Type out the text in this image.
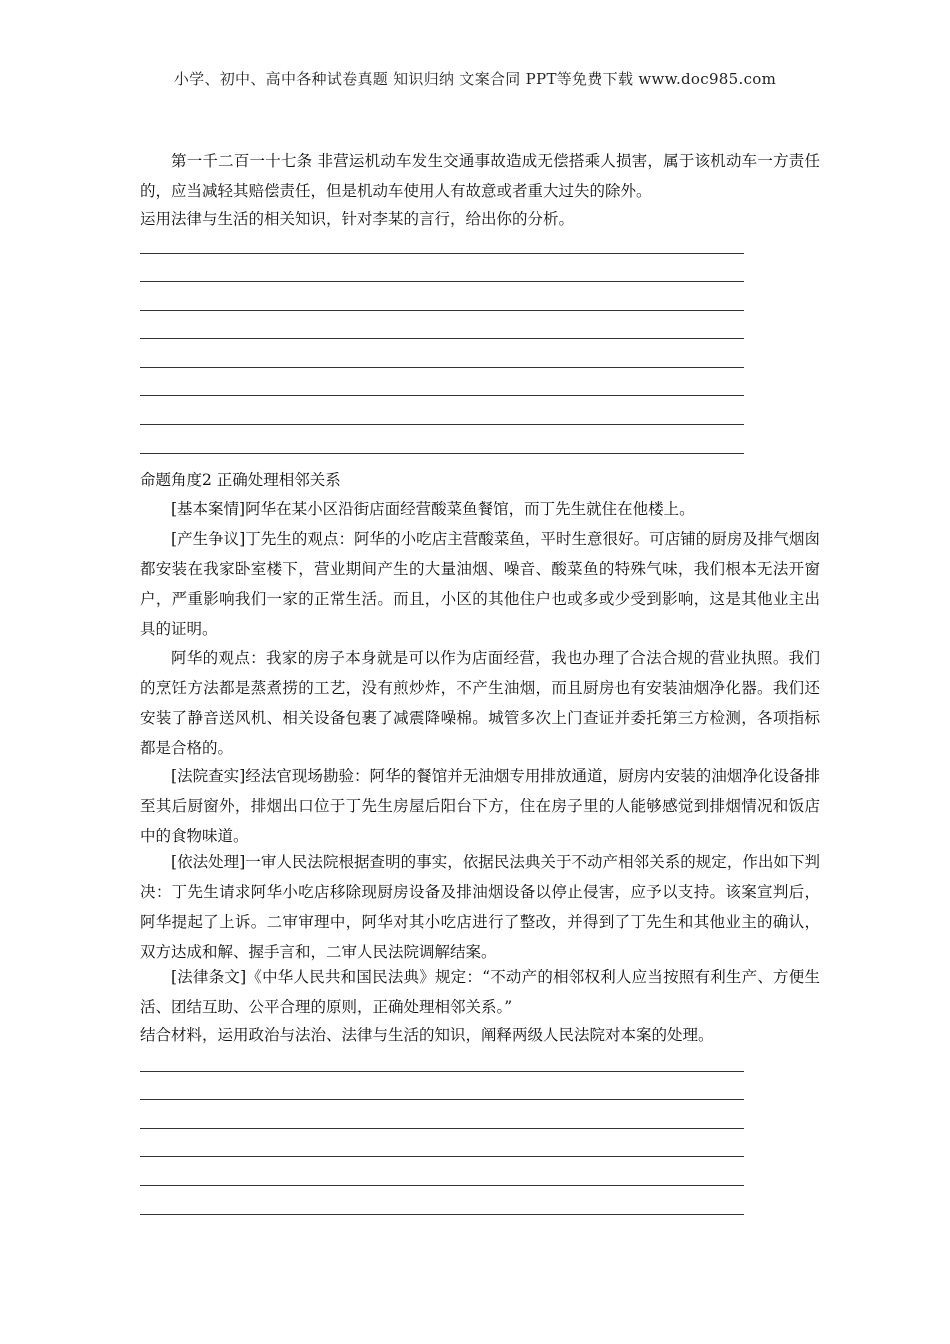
小学、初中、高中各种试卷真题 知识归纳 文案合同 PPT等免费下载 www.doc985.com
第一千二百一十七条 非营运机动车发生交通事故造成无偿搭乘人损害，属于该机动车一方责任的，应当减轻其赔偿责任，但是机动车使用人有故意或者重大过失的除外。
运用法律与生活的相关知识，针对李某的言行，给出你的分析。
命题角度2 正确处理相邻关系
[基本案情]阿华在某小区沿街店面经营酸菜鱼餐馆，而丁先生就住在他楼上。
[产生争议]丁先生的观点：阿华的小吃店主营酸菜鱼，平时生意很好。可店铺的厨房及排气烟囱都安装在我家卧室楼下，营业期间产生的大量油烟、噪音、酸菜鱼的特殊气味，我们根本无法开窗户，严重影响我们一家的正常生活。而且，小区的其他住户也或多或少受到影响，这是其他业主出具的证明。
阿华的观点：我家的房子本身就是可以作为店面经营，我也办理了合法合规的营业执照。我们的烹饪方法都是蒸煮捞的工艺，没有煎炒炸，不产生油烟，而且厨房也有安装油烟净化器。我们还安装了静音送风机、相关设备包裹了减震降噪棉。城管多次上门查证并委托第三方检测，各项指标都是合格的。
[法院查实]经法官现场勘验：阿华的餐馆并无油烟专用排放通道，厨房内安装的油烟净化设备排至其后厨窗外，排烟出口位于丁先生房屋后阳台下方，住在房子里的人能够感觉到排烟情况和饭店中的食物味道。
[依法处理]一审人民法院根据查明的事实，依据民法典关于不动产相邻关系的规定，作出如下判决：丁先生请求阿华小吃店移除现厨房设备及排油烟设备以停止侵害，应予以支持。该案宣判后，阿华提起了上诉。二审审理中，阿华对其小吃店进行了整改，并得到了丁先生和其他业主的确认，双方达成和解、握手言和，二审人民法院调解结案。
[法律条文]《中华人民共和国民法典》规定：“不动产的相邻权利人应当按照有利生产、方便生活、团结互助、公平合理的原则，正确处理相邻关系。”
结合材料，运用政治与法治、法律与生活的知识，阐释两级人民法院对本案的处理。
